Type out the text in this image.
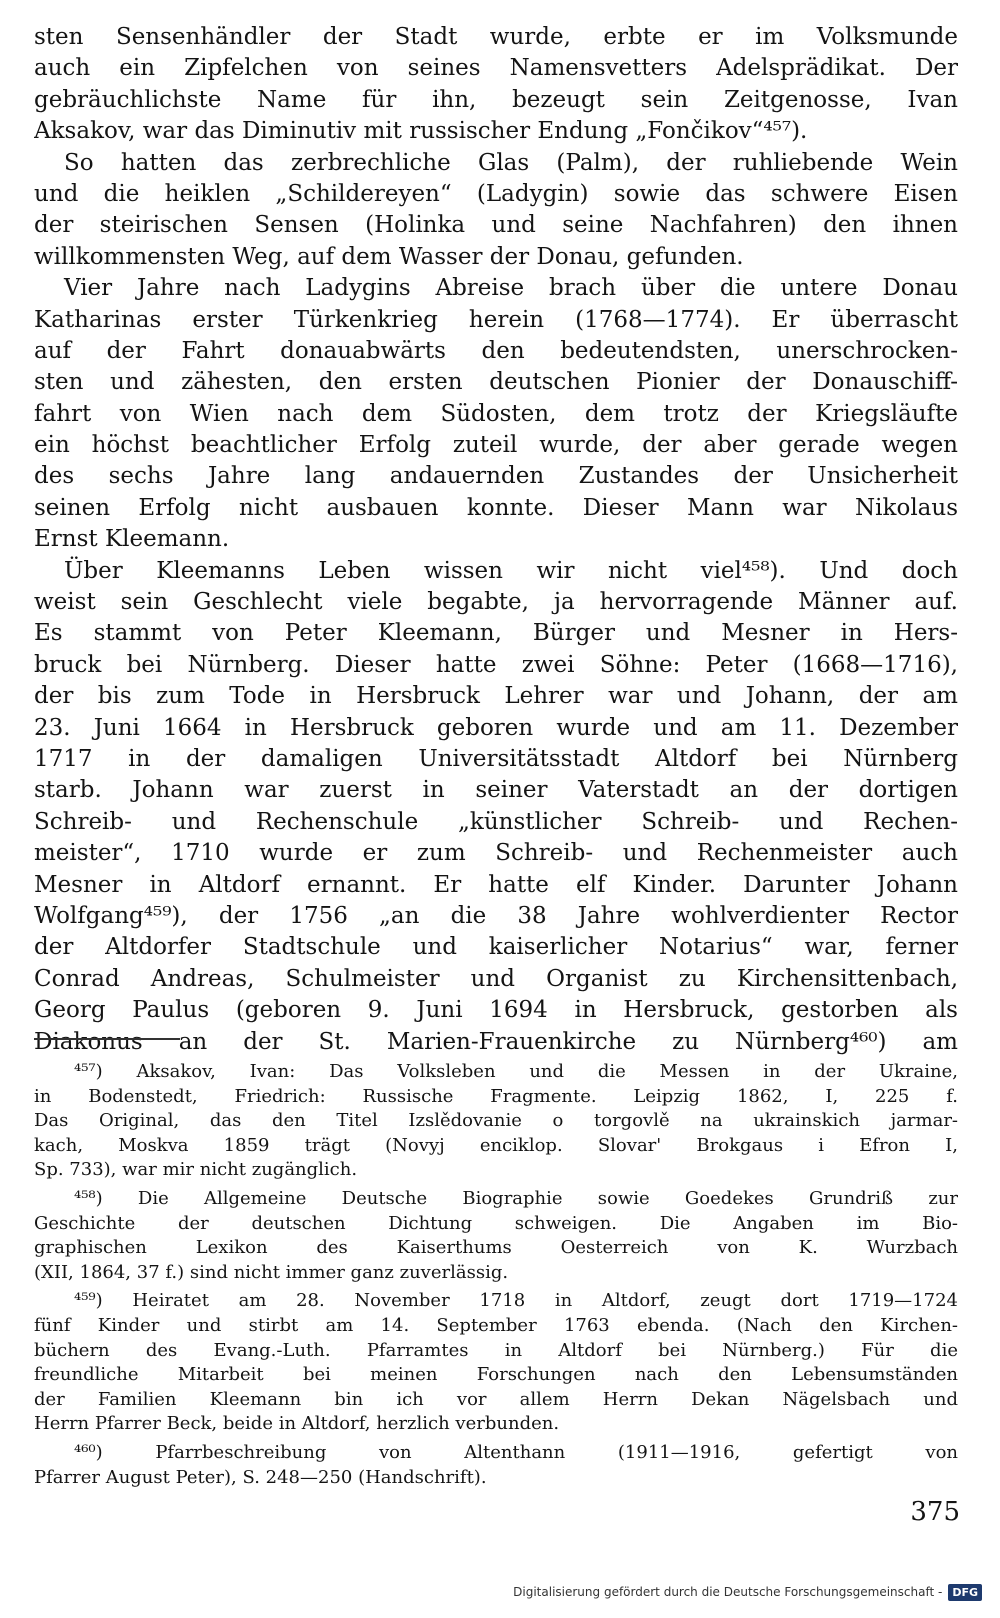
sten Sensenhändler der Stadt wurde, erbte er im Volksmunde
auch ein Zipfelchen von seines Namensvetters Adelsprädikat. Der
gebräuchlichste Name für ihn, bezeugt sein Zeitgenosse, Ivan
Aksakov, war das Diminutiv mit russischer Endung „Fončikov“⁴⁵⁷).
So hatten das zerbrechliche Glas (Palm), der ruhliebende Wein
und die heiklen „Schildereyen“ (Ladygin) sowie das schwere Eisen
der steirischen Sensen (Holinka und seine Nachfahren) den ihnen
willkommensten Weg, auf dem Wasser der Donau, gefunden.
Vier Jahre nach Ladygins Abreise brach über die untere Donau
Katharinas erster Türkenkrieg herein (1768—1774). Er überrascht
auf der Fahrt donauabwärts den bedeutendsten, unerschrocken-
sten und zähesten, den ersten deutschen Pionier der Donauschiff-
fahrt von Wien nach dem Südosten, dem trotz der Kriegsläufte
ein höchst beachtlicher Erfolg zuteil wurde, der aber gerade wegen
des sechs Jahre lang andauernden Zustandes der Unsicherheit
seinen Erfolg nicht ausbauen konnte. Dieser Mann war Nikolaus
Ernst Kleemann.
Über Kleemanns Leben wissen wir nicht viel⁴⁵⁸). Und doch
weist sein Geschlecht viele begabte, ja hervorragende Männer auf.
Es stammt von Peter Kleemann, Bürger und Mesner in Hers-
bruck bei Nürnberg. Dieser hatte zwei Söhne: Peter (1668—1716),
der bis zum Tode in Hersbruck Lehrer war und Johann, der am
23. Juni 1664 in Hersbruck geboren wurde und am 11. Dezember
1717 in der damaligen Universitätsstadt Altdorf bei Nürnberg
starb. Johann war zuerst in seiner Vaterstadt an der dortigen
Schreib- und Rechenschule „künstlicher Schreib- und Rechen-
meister“, 1710 wurde er zum Schreib- und Rechenmeister auch
Mesner in Altdorf ernannt. Er hatte elf Kinder. Darunter Johann
Wolfgang⁴⁵⁹), der 1756 „an die 38 Jahre wohlverdienter Rector
der Altdorfer Stadtschule und kaiserlicher Notarius“ war, ferner
Conrad Andreas, Schulmeister und Organist zu Kirchensittenbach,
Georg Paulus (geboren 9. Juni 1694 in Hersbruck, gestorben als
Diakonus an der St. Marien-Frauenkirche zu Nürnberg⁴⁶⁰) am
⁴⁵⁷) Aksakov, Ivan: Das Volksleben und die Messen in der Ukraine,
in Bodenstedt, Friedrich: Russische Fragmente. Leipzig 1862, I, 225 f.
Das Original, das den Titel Izslědovanie o torgovlě na ukrainskich jarmar-
kach, Moskva 1859 trägt (Novyj enciklop. Slovar' Brokgaus i Efron I,
Sp. 733), war mir nicht zugänglich.
⁴⁵⁸) Die Allgemeine Deutsche Biographie sowie Goedekes Grundriß zur
Geschichte der deutschen Dichtung schweigen. Die Angaben im Bio-
graphischen Lexikon des Kaiserthums Oesterreich von K. Wurzbach
(XII, 1864, 37 f.) sind nicht immer ganz zuverlässig.
⁴⁵⁹) Heiratet am 28. November 1718 in Altdorf, zeugt dort 1719—1724
fünf Kinder und stirbt am 14. September 1763 ebenda. (Nach den Kirchen-
büchern des Evang.-Luth. Pfarramtes in Altdorf bei Nürnberg.) Für die
freundliche Mitarbeit bei meinen Forschungen nach den Lebensumständen
der Familien Kleemann bin ich vor allem Herrn Dekan Nägelsbach und
Herrn Pfarrer Beck, beide in Altdorf, herzlich verbunden.
⁴⁶⁰) Pfarrbeschreibung von Altenthann (1911—1916, gefertigt von
Pfarrer August Peter), S. 248—250 (Handschrift).
375
Digitalisierung gefördert durch die Deutsche Forschungsgemeinschaft - DFG
